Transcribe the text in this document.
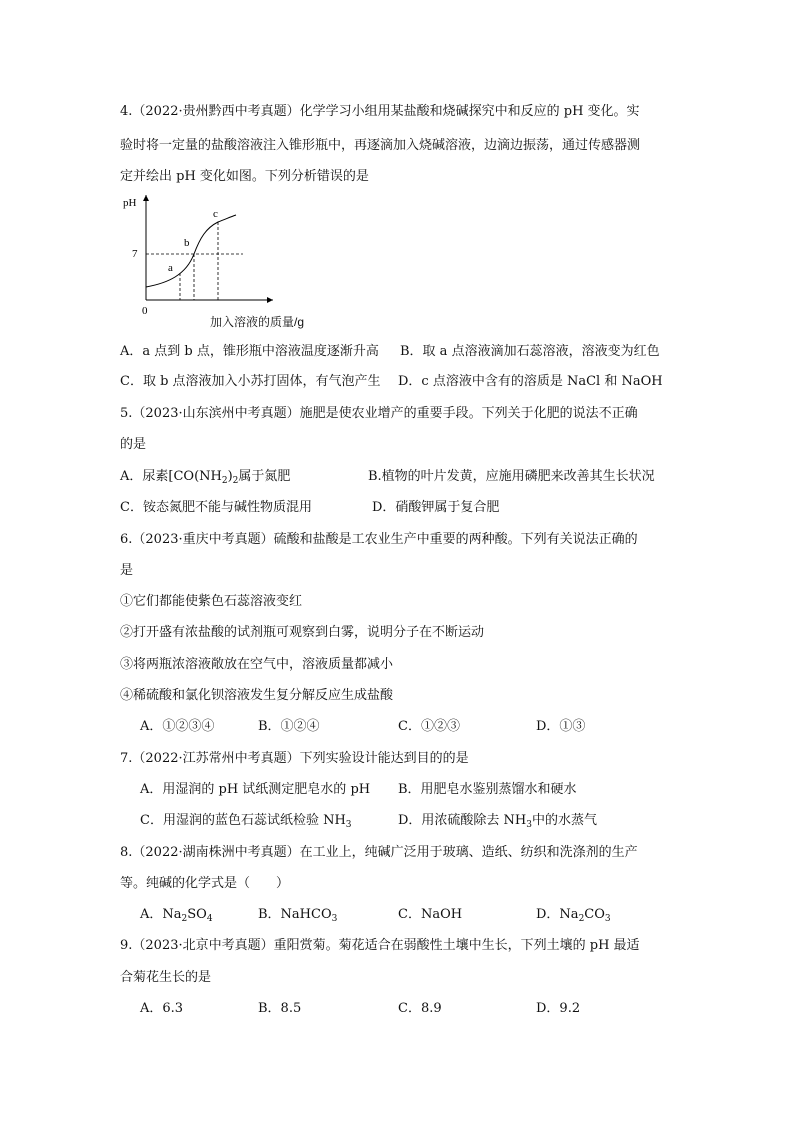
4.（2022·贵州黔西中考真题）化学学习小组用某盐酸和烧碱探究中和反应的 pH 变化。实
验时将一定量的盐酸溶液注入锥形瓶中，再逐滴加入烧碱溶液，边滴边振荡，通过传感器测
定并绘出 pH 变化如图。下列分析错误的是
pH
7
0
a
b
c
加入溶液的质量/g
A．a 点到 b 点，锥形瓶中溶液温度逐渐升高 B．取 a 点溶液滴加石蕊溶液，溶液变为红色
C．取 b 点溶液加入小苏打固体，有气泡产生 D．c 点溶液中含有的溶质是 NaCl 和 NaOH
5.（2023·山东滨州中考真题）施肥是使农业增产的重要手段。下列关于化肥的说法不正确
的是
A．尿素[$CO(NH_2)_2$属于氮肥	B.植物的叶片发黄，应施用磷肥来改善其生长状况
C．铵态氮肥不能与碱性物质混用	D．硝酸钾属于复合肥
6.（2023·重庆中考真题）硫酸和盐酸是工农业生产中重要的两种酸。下列有关说法正确的
是
①它们都能使紫色石蕊溶液变红
②打开盛有浓盐酸的试剂瓶可观察到白雾，说明分子在不断运动
③将两瓶浓溶液敞放在空气中，溶液质量都减小
④稀硫酸和氯化钡溶液发生复分解反应生成盐酸
A．①②③④	B．①②④	C．①②③	D．①③
7.（2022·江苏常州中考真题）下列实验设计能达到目的的是
A．用湿润的 pH 试纸测定肥皂水的 pH B．用肥皂水鉴别蒸馏水和硬水
C．用湿润的蓝色石蕊试纸检验 $NH_3$	D．用浓硫酸除去 $NH_3$中的水蒸气
8.（2022·湖南株洲中考真题）在工业上，纯碱广泛用于玻璃、造纸、纺织和洗涤剂的生产
等。纯碱的化学式是（　　）
A．$Na_2SO_4$	B．NaHCO$_3$	C．NaOH	D．$Na_2CO_3$
9.（2023·北京中考真题）重阳赏菊。菊花适合在弱酸性土壤中生长，下列土壤的 pH 最适
合菊花生长的是
A．6.3	B．8.5	C．8.9	D．9.2
